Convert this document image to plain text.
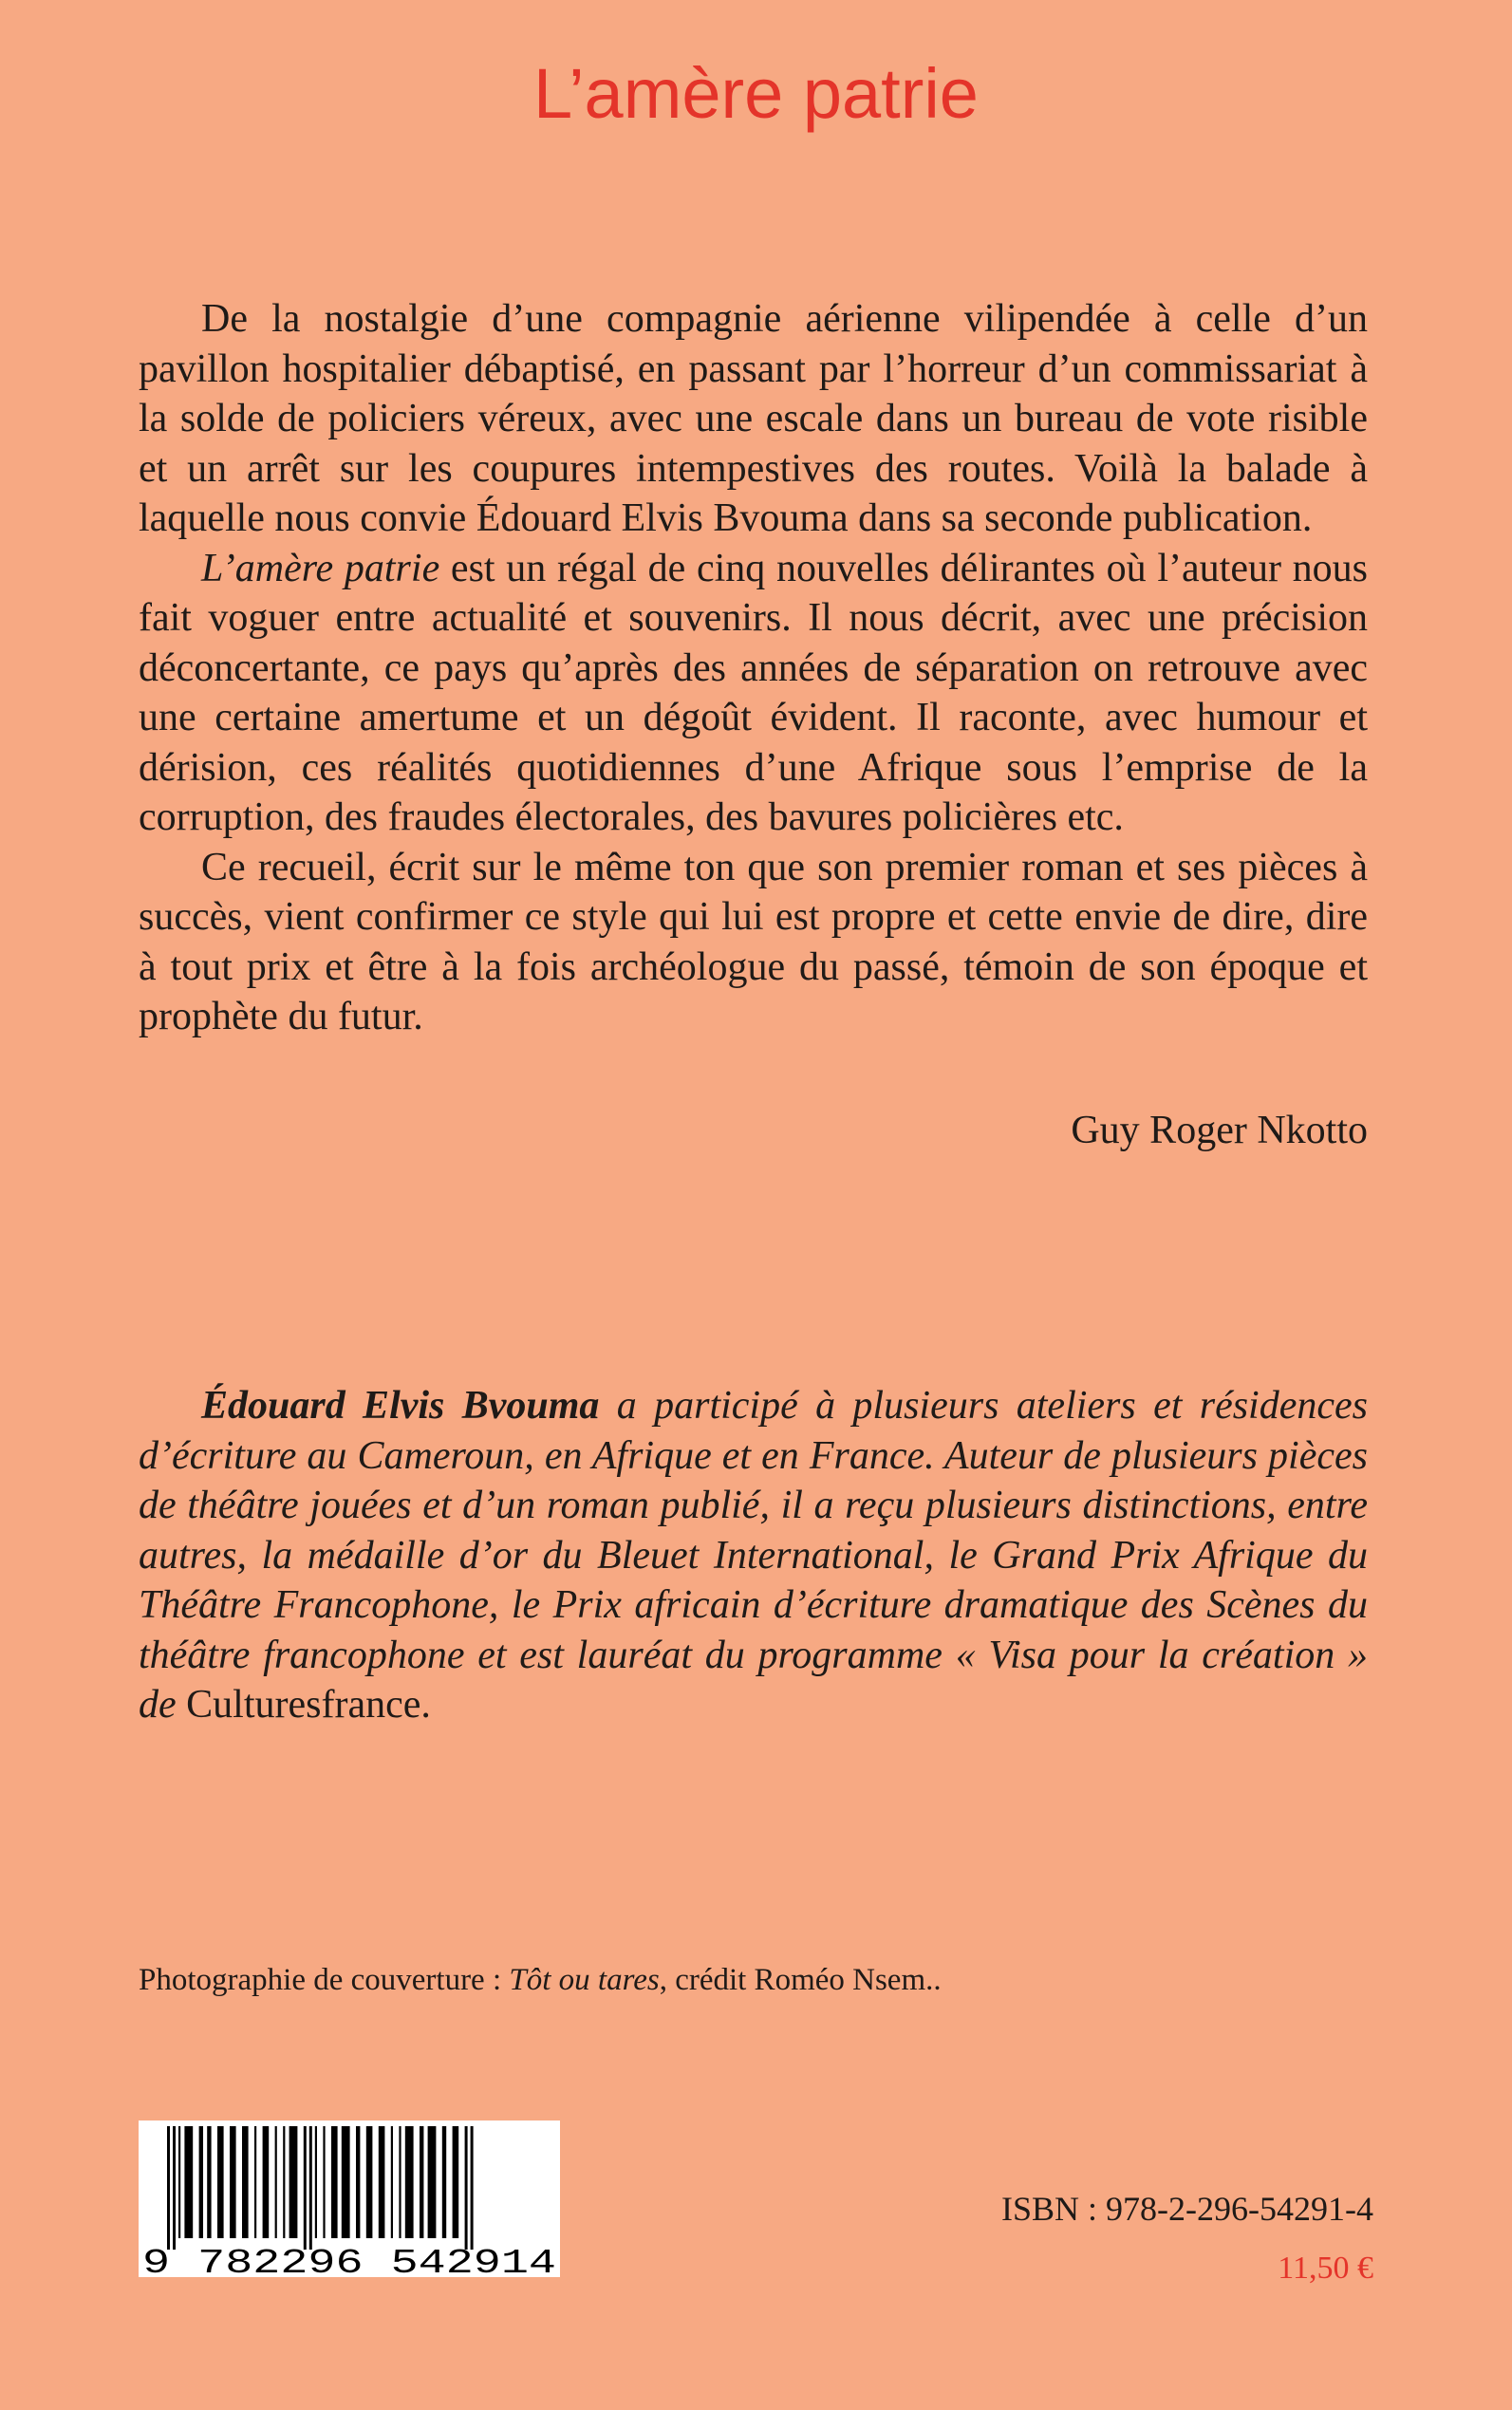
L’amère patrie

De la nostalgie d’une compagnie aérienne vilipendée à celle d’un pavillon hospitalier débaptisé, en passant par l’horreur d’un commissariat à la solde de policiers véreux, avec une escale dans un bureau de vote risible et un arrêt sur les coupures intempestives des routes. Voilà la balade à laquelle nous convie Édouard Elvis Bvouma dans sa seconde publication.

L’amère patrie est un régal de cinq nouvelles délirantes où l’auteur nous fait voguer entre actualité et souvenirs. Il nous décrit, avec une précision déconcertante, ce pays qu’après des années de séparation on retrouve avec une certaine amertume et un dégoût évident. Il raconte, avec humour et dérision, ces réalités quotidiennes d’une Afrique sous l’emprise de la corruption, des fraudes électorales, des bavures policières etc.

Ce recueil, écrit sur le même ton que son premier roman et ses pièces à succès, vient confirmer ce style qui lui est propre et cette envie de dire, dire à tout prix et être à la fois archéologue du passé, témoin de son époque et prophète du futur.

Guy Roger Nkotto

Édouard Elvis Bvouma a participé à plusieurs ateliers et résidences d’écriture au Cameroun, en Afrique et en France. Auteur de plusieurs pièces de théâtre jouées et d’un roman publié, il a reçu plusieurs distinctions, entre autres, la médaille d’or du Bleuet International, le Grand Prix Afrique du Théâtre Francophone, le Prix africain d’écriture dramatique des Scènes du théâtre francophone et est lauréat du programme « Visa pour la création » de Culturesfrance.

Photographie de couverture : Tôt ou tares, crédit Roméo Nsem..
9 782296 542914
ISBN : 978-2-296-54291-4
11,50 €
